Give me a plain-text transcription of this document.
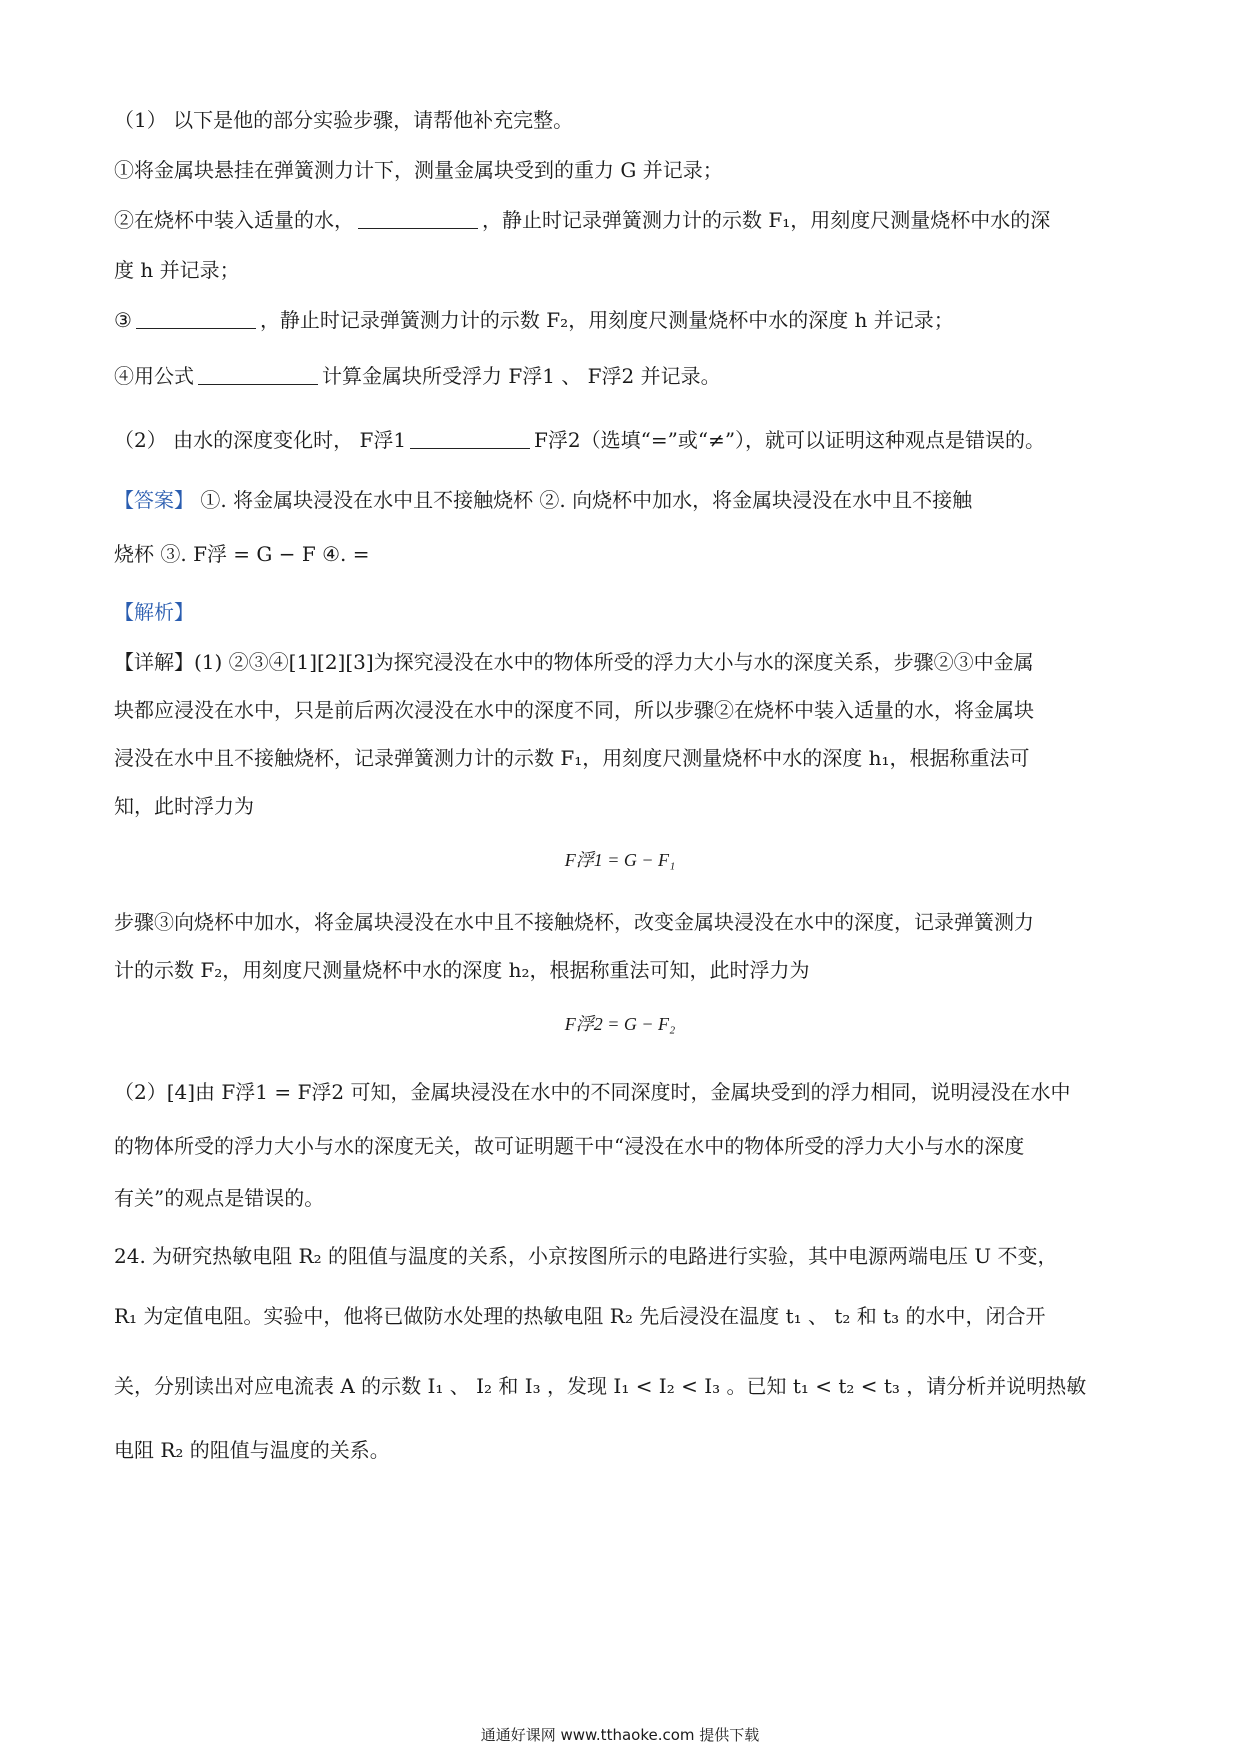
（1） 以下是他的部分实验步骤，请帮他补充完整。
①将金属块悬挂在弹簧测力计下，测量金属块受到的重力 G 并记录；
②在烧杯中装入适量的水，	，静止时记录弹簧测力计的示数 F₁，用刻度尺测量烧杯中水的深
度 h 并记录；
③	，静止时记录弹簧测力计的示数 F₂，用刻度尺测量烧杯中水的深度 h 并记录；
④用公式	计算金属块所受浮力 F浮1 、 F浮2 并记录。
（2） 由水的深度变化时， F浮1	F浮2（选填“=”或“≠”），就可以证明这种观点是错误的。
【答案】 ①. 将金属块浸没在水中且不接触烧杯 ②. 向烧杯中加水，将金属块浸没在水中且不接触
烧杯 ③. F浮 = G − F ④. =
【解析】
【详解】(1) ②③④[1][2][3]为探究浸没在水中的物体所受的浮力大小与水的深度关系，步骤②③中金属
块都应浸没在水中，只是前后两次浸没在水中的深度不同，所以步骤②在烧杯中装入适量的水，将金属块
浸没在水中且不接触烧杯，记录弹簧测力计的示数 F₁，用刻度尺测量烧杯中水的深度 h₁，根据称重法可
知，此时浮力为
F浮1 = G − F₁
步骤③向烧杯中加水，将金属块浸没在水中且不接触烧杯，改变金属块浸没在水中的深度，记录弹簧测力
计的示数 F₂，用刻度尺测量烧杯中水的深度 h₂，根据称重法可知，此时浮力为
F浮2 = G − F₂
（2）[4]由 F浮1 = F浮2 可知，金属块浸没在水中的不同深度时，金属块受到的浮力相同，说明浸没在水中
的物体所受的浮力大小与水的深度无关，故可证明题干中“浸没在水中的物体所受的浮力大小与水的深度
有关”的观点是错误的。
24. 为研究热敏电阻 R₂ 的阻值与温度的关系，小京按图所示的电路进行实验，其中电源两端电压 U 不变，
R₁ 为定值电阻。实验中，他将已做防水处理的热敏电阻 R₂ 先后浸没在温度 t₁ 、 t₂ 和 t₃ 的水中，闭合开
关，分别读出对应电流表 A 的示数 I₁ 、 I₂ 和 I₃ ，发现 I₁ < I₂ < I₃ 。已知 t₁ < t₂ < t₃ ，请分析并说明热敏
电阻 R₂ 的阻值与温度的关系。
通通好课网 www.tthaoke.com 提供下载
